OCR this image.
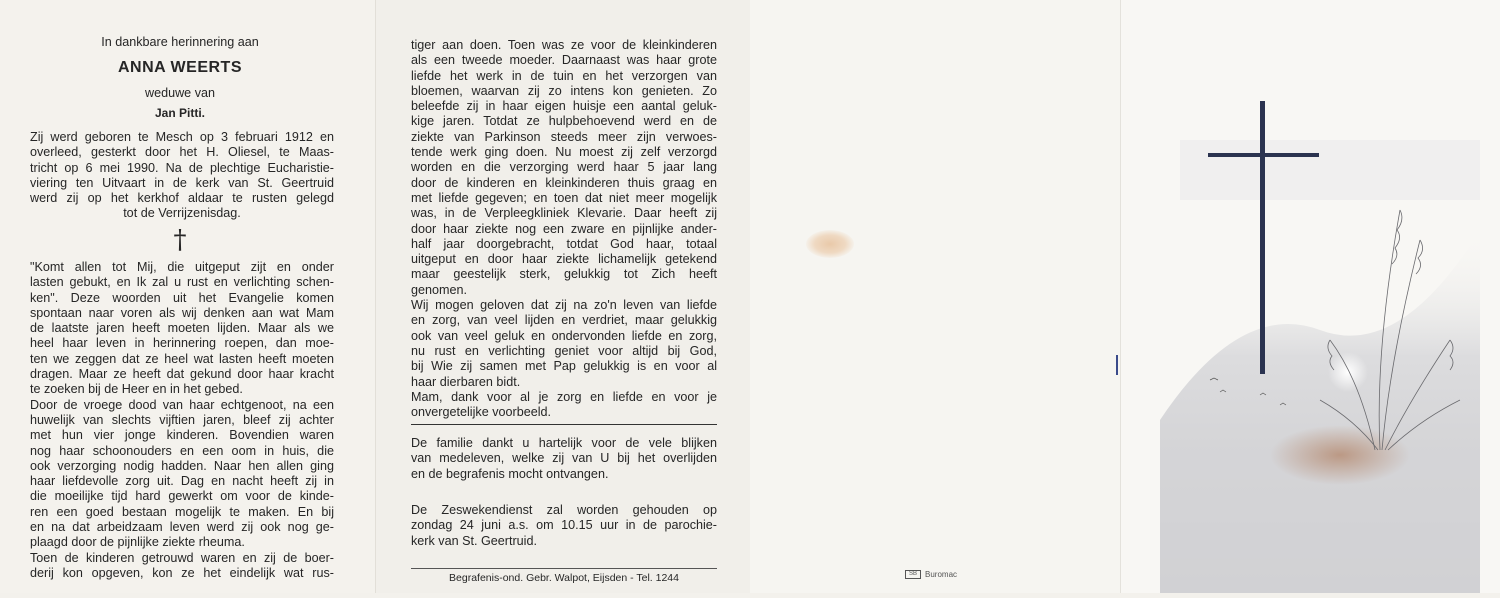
In dankbare herinnering aan
ANNA WEERTS
weduwe van
Jan Pitti.
Zij werd geboren te Mesch op 3 februari 1912 en
overleed, gesterkt door het H. Oliesel, te Maas-
tricht op 6 mei 1990. Na de plechtige Eucharistie-
viering ten Uitvaart in de kerk van St. Geertruid
werd zij op het kerkhof aldaar te rusten gelegd
tot de Verrijzenisdag.
†
"Komt allen tot Mij, die uitgeput zijt en onder
lasten gebukt, en Ik zal u rust en verlichting schen-
ken". Deze woorden uit het Evangelie komen
spontaan naar voren als wij denken aan wat Mam
de laatste jaren heeft moeten lijden. Maar als we
heel haar leven in herinnering roepen, dan moe-
ten we zeggen dat ze heel wat lasten heeft moeten
dragen. Maar ze heeft dat gekund door haar kracht
te zoeken bij de Heer en in het gebed.
Door de vroege dood van haar echtgenoot, na een
huwelijk van slechts vijftien jaren, bleef zij achter
met hun vier jonge kinderen. Bovendien waren
nog haar schoonouders en een oom in huis, die
ook verzorging nodig hadden. Naar hen allen ging
haar liefdevolle zorg uit. Dag en nacht heeft zij in
die moeilijke tijd hard gewerkt om voor de kinde-
ren een goed bestaan mogelijk te maken. En bij
en na dat arbeidzaam leven werd zij ook nog ge-
plaagd door de pijnlijke ziekte rheuma.
Toen de kinderen getrouwd waren en zij de boer-
derij kon opgeven, kon ze het eindelijk wat rus-
tiger aan doen. Toen was ze voor de kleinkinderen
als een tweede moeder. Daarnaast was haar grote
liefde het werk in de tuin en het verzorgen van
bloemen, waarvan zij zo intens kon genieten. Zo
beleefde zij in haar eigen huisje een aantal geluk-
kige jaren. Totdat ze hulpbehoevend werd en de
ziekte van Parkinson steeds meer zijn verwoes-
tende werk ging doen. Nu moest zij zelf verzorgd
worden en die verzorging werd haar 5 jaar lang
door de kinderen en kleinkinderen thuis graag en
met liefde gegeven; en toen dat niet meer mogelijk
was, in de Verpleegkliniek Klevarie. Daar heeft zij
door haar ziekte nog een zware en pijnlijke ander-
half jaar doorgebracht, totdat God haar, totaal
uitgeput en door haar ziekte lichamelijk getekend
maar geestelijk sterk, gelukkig tot Zich heeft
genomen.
Wij mogen geloven dat zij na zo'n leven van liefde
en zorg, van veel lijden en verdriet, maar gelukkig
ook van veel geluk en ondervonden liefde en zorg,
nu rust en verlichting geniet voor altijd bij God,
bij Wie zij samen met Pap gelukkig is en voor al
haar dierbaren bidt.
Mam, dank voor al je zorg en liefde en voor je
onvergetelijke voorbeeld.
De familie dankt u hartelijk voor de vele blijken
van medeleven, welke zij van U bij het overlijden
en de begrafenis mocht ontvangen.
De Zeswekendienst zal worden gehouden op
zondag 24 juni a.s. om 10.15 uur in de parochie-
kerk van St. Geertruid.
Begrafenis-ond. Gebr. Walpot, Eijsden - Tel. 1244	SB	Buromac
